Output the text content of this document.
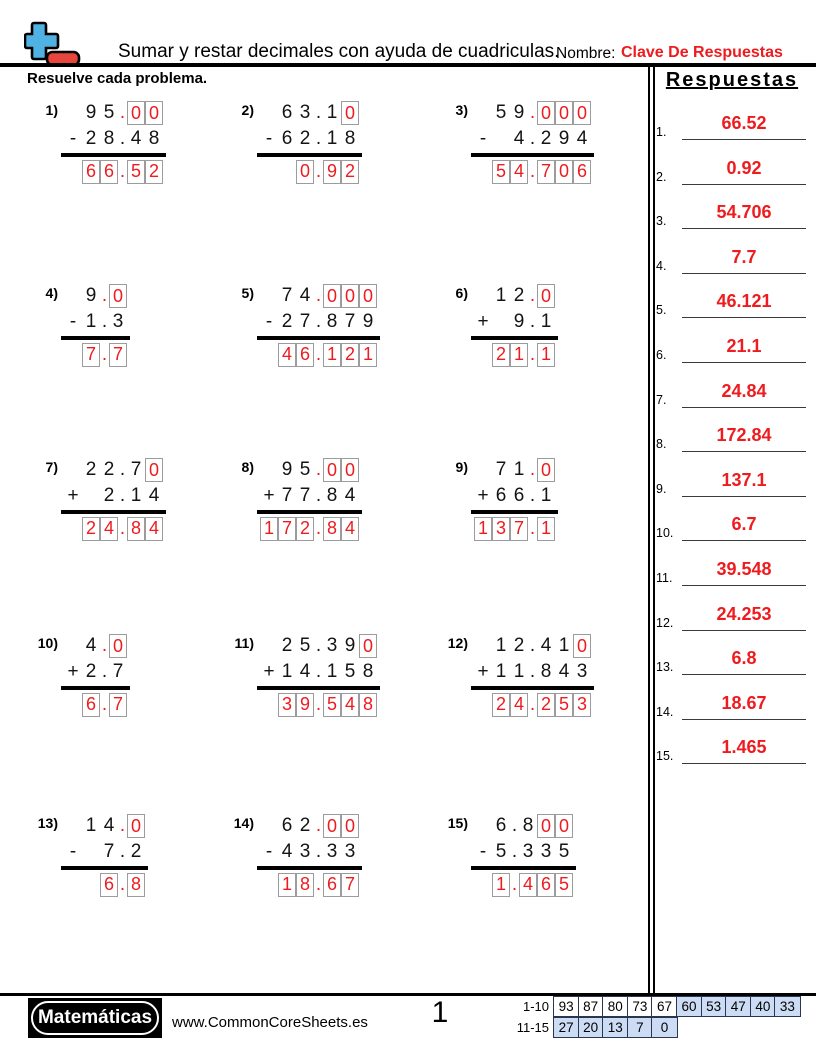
Sumar y restar decimales con ayuda de cuadriculas.
Nombre: Clave De Respuestas
Resuelve cada problema.
1) 9 5 . 0 0
- 2 8 . 4 8
6 6 . 5 2
2) 6 3 . 1 0
- 6 2 . 1 8
0 . 9 2
3) 5 9 . 0 0 0
-
	4 . 2 9 4
5 4 . 7 0 6
4) 9 . 0
- 1 . 3
7 . 7
5) 7 4 . 0 0 0
- 2 7 . 8 7 9
4 6 . 1 2 1
6) 1 2 . 0
+
9 . 1
2 1 . 1
7) 2 2 . 7 0
+
2 . 1 4
2 4 . 8 4
8) 9 5 . 0 0
+ 7 7 . 8 4
1 7 2 . 8 4
9) 7 1 . 0
+ 6 6 . 1
1 3 7 . 1
10) 4 . 0
+ 2 . 7
6 . 7
11) 2 5 . 3 9 0
+ 1 4 . 1 5 8
3 9 . 5 4 8
12) 1 2 . 4 1 0
+ 1 1 . 8 4 3
2 4 . 2 5 3
13) 1 4 . 0
-
	7 . 2
6 . 8
14) 6 2 . 0 0
- 4 3 . 3 3
1 8 . 6 7
15) 6 . 8 0 0
- 5 . 3 3 5
1 . 4 6 5
Respuestas
1.	66.52
2.	0.92
3.	54.706
4.	7.7
5.	46.121
6.	21.1
7.	24.84
8.	172.84
9.	137.1
10.	6.7
11.	39.548
12.	24.253
13.	6.8
14.	18.67
15.	1.465
Matemáticas	www.CommonCoreSheets.es	1	1-10 93 87 80 73 67 60 53 47 40 33
11-15 27 20 13 7	0
